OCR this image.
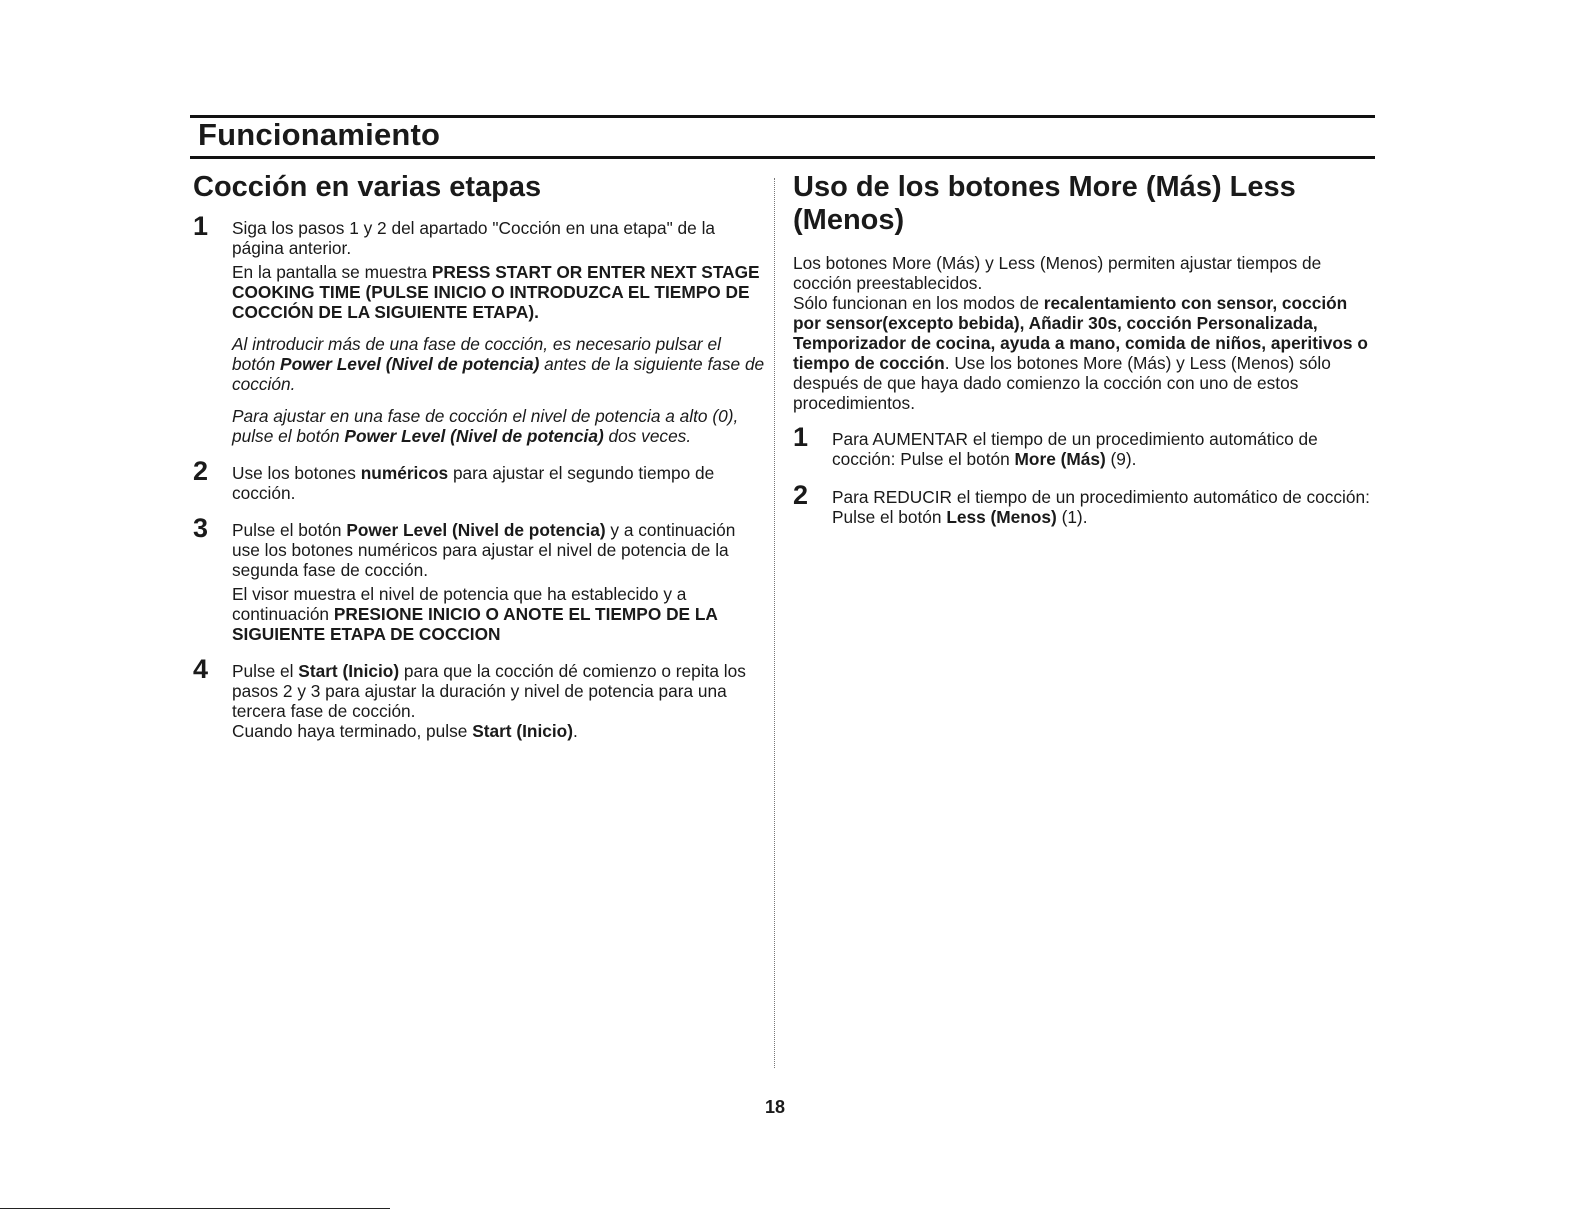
Funcionamiento
Cocción en varias etapas
1 Siga los pasos 1 y 2 del apartado "Cocción en una etapa" de la página anterior.

En la pantalla se muestra PRESS START OR ENTER NEXT STAGE COOKING TIME (PULSE INICIO O INTRODUZCA EL TIEMPO DE COCCIÓN DE LA SIGUIENTE ETAPA).

Al introducir más de una fase de cocción, es necesario pulsar el botón Power Level (Nivel de potencia) antes de la siguiente fase de cocción.

Para ajustar en una fase de cocción el nivel de potencia a alto (0), pulse el botón Power Level (Nivel de potencia) dos veces.

2 Use los botones numéricos para ajustar el segundo tiempo de cocción.

3 Pulse el botón Power Level (Nivel de potencia) y a continuación use los botones numéricos para ajustar el nivel de potencia de la segunda fase de cocción.

El visor muestra el nivel de potencia que ha establecido y a continuación PRESIONE INICIO O ANOTE EL TIEMPO DE LA SIGUIENTE ETAPA DE COCCION

4 Pulse el Start (Inicio) para que la cocción dé comienzo o repita los pasos 2 y 3 para ajustar la duración y nivel de potencia para una tercera fase de cocción.

Cuando haya terminado, pulse Start (Inicio).

Uso de los botones More (Más) Less (Menos)

Los botones More (Más) y Less (Menos) permiten ajustar tiempos de cocción preestablecidos.

Sólo funcionan en los modos de recalentamiento con sensor, cocción por sensor(excepto bebida), Añadir 30s, cocción Personalizada, Temporizador de cocina, ayuda a mano, comida de niños, aperitivos o tiempo de cocción. Use los botones More (Más) y Less (Menos) sólo después de que haya dado comienzo la cocción con uno de estos procedimientos.

1 Para AUMENTAR el tiempo de un procedimiento automático de cocción: Pulse el botón More (Más) (9).

2 Para REDUCIR el tiempo de un procedimiento automático de cocción: Pulse el botón Less (Menos) (1).

18
